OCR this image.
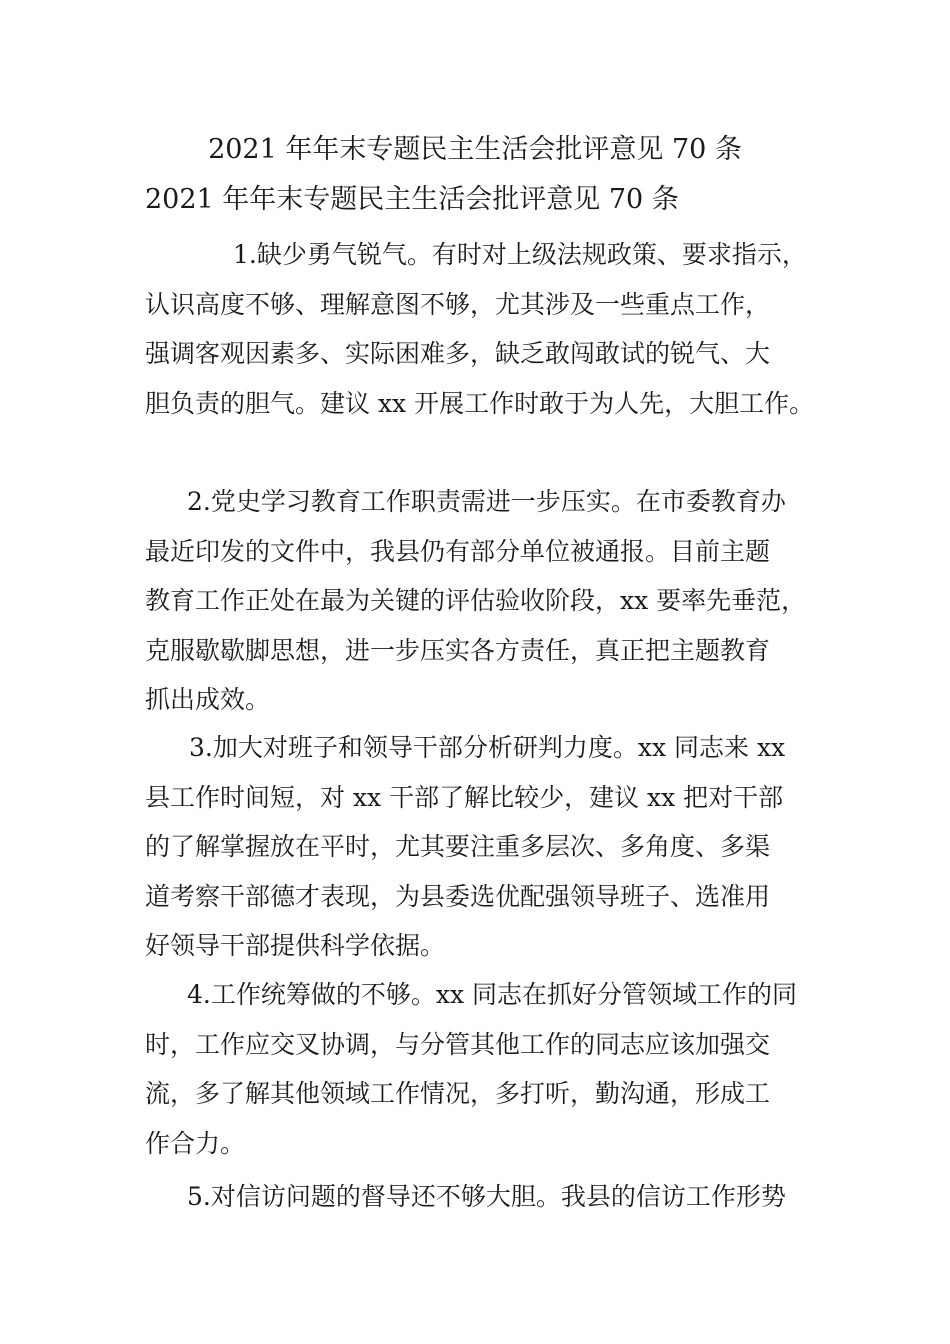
2021 年年末专题民主生活会批评意见 70 条
2021 年年末专题民主生活会批评意见 70 条
1.缺少勇气锐气。有时对上级法规政策、要求指示，
认识高度不够、理解意图不够，尤其涉及一些重点工作，
强调客观因素多、实际困难多，缺乏敢闯敢试的锐气、大
胆负责的胆气。建议 xx 开展工作时敢于为人先，大胆工作。
2.党史学习教育工作职责需进一步压实。在市委教育办
最近印发的文件中，我县仍有部分单位被通报。目前主题
教育工作正处在最为关键的评估验收阶段，xx 要率先垂范，
克服歇歇脚思想，进一步压实各方责任，真正把主题教育
抓出成效。
3.加大对班子和领导干部分析研判力度。xx 同志来 xx
县工作时间短，对 xx 干部了解比较少，建议 xx 把对干部
的了解掌握放在平时，尤其要注重多层次、多角度、多渠
道考察干部德才表现，为县委选优配强领导班子、选准用
好领导干部提供科学依据。
4.工作统筹做的不够。xx 同志在抓好分管领域工作的同
时，工作应交叉协调，与分管其他工作的同志应该加强交
流，多了解其他领域工作情况，多打听，勤沟通，形成工
作合力。
5.对信访问题的督导还不够大胆。我县的信访工作形势
